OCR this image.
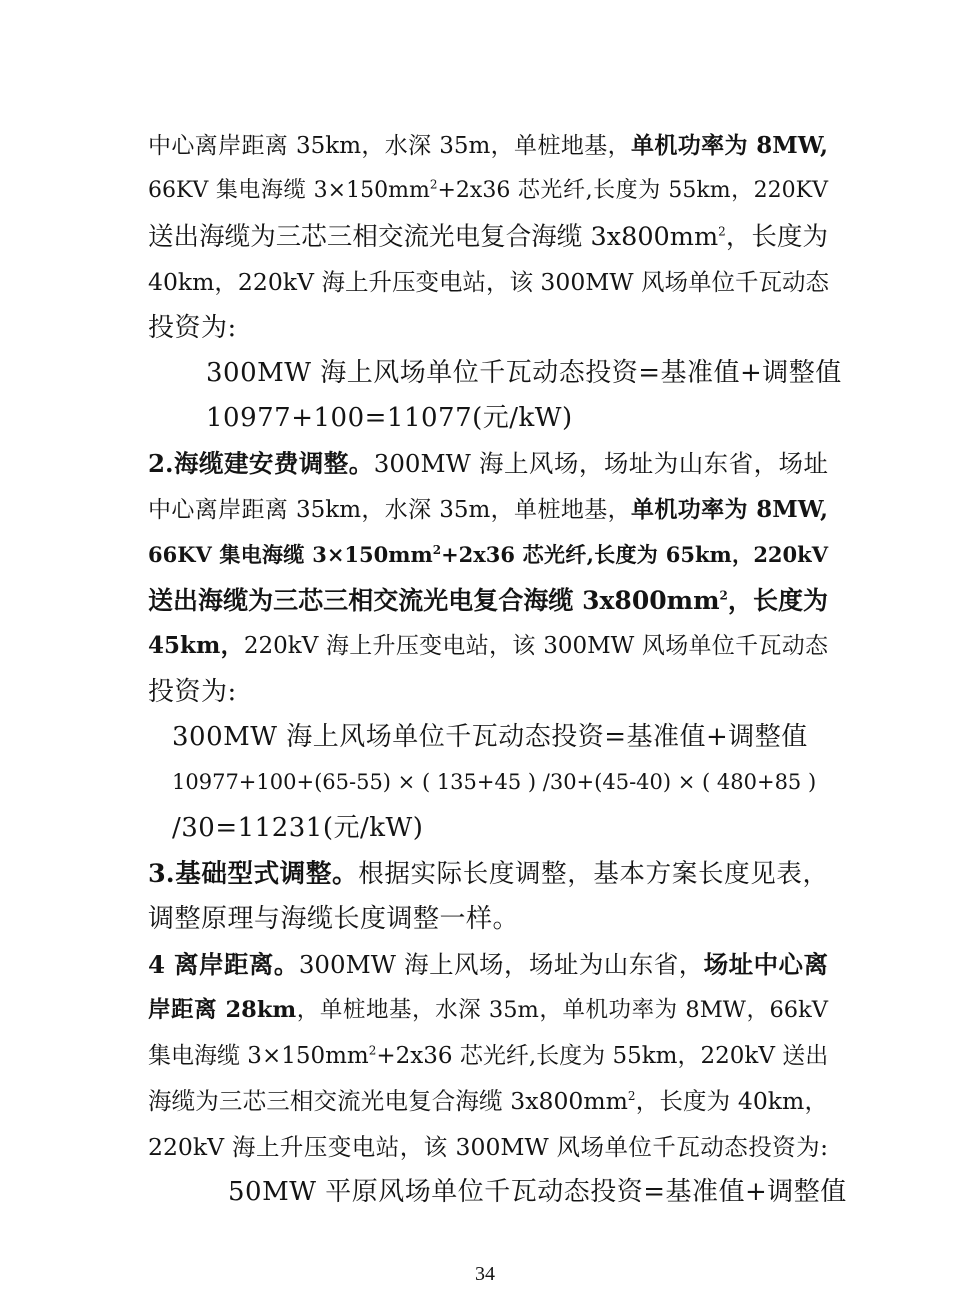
中心离岸距离 35km，水深 35m，单桩地基，单机功率为 8MW,
66KV 集电海缆 $3\times 150mm^2+2x36$ 芯光纤,长度为 55km，220KV
送出海缆为三芯三相交流光电复合海缆 $3x800mm^2$，长度为
40km，220kV 海上升压变电站，该 300MW 风场单位千瓦动态
投资为:
300MW 海上风场单位千瓦动态投资=基准值+调整值
10977+100=11077(元/kW)
2.海缆建安费调整。300MW 海上风场，场址为山东省，场址
中心离岸距离 35km，水深 35m，单桩地基，单机功率为 8MW,
66KV 集电海缆 $3\times 150mm^2+2x36$ 芯光纤,长度为 65km，220kV
送出海缆为三芯三相交流光电复合海缆 $3x800mm^2$，长度为
45km，220kV 海上升压变电站，该 300MW 风场单位千瓦动态
投资为:
300MW 海上风场单位千瓦动态投资=基准值+调整值
10977+100+(65-55) × ( 135+45 ) /30+(45-40) × ( 480+85 )
/30=11231(元/kW)
3.基础型式调整。根据实际长度调整，基本方案长度见表，
调整原理与海缆长度调整一样。
4 离岸距离。300MW 海上风场，场址为山东省，场址中心离
岸距离 28km，单桩地基，水深 35m，单机功率为 8MW，66kV
集电海缆 $3\times 150mm^2+2x36$ 芯光纤,长度为 55km，220kV 送出
海缆为三芯三相交流光电复合海缆 $3x800mm^2$，长度为 40km，
220kV 海上升压变电站，该 300MW 风场单位千瓦动态投资为:
50MW 平原风场单位千瓦动态投资=基准值+调整值
34
